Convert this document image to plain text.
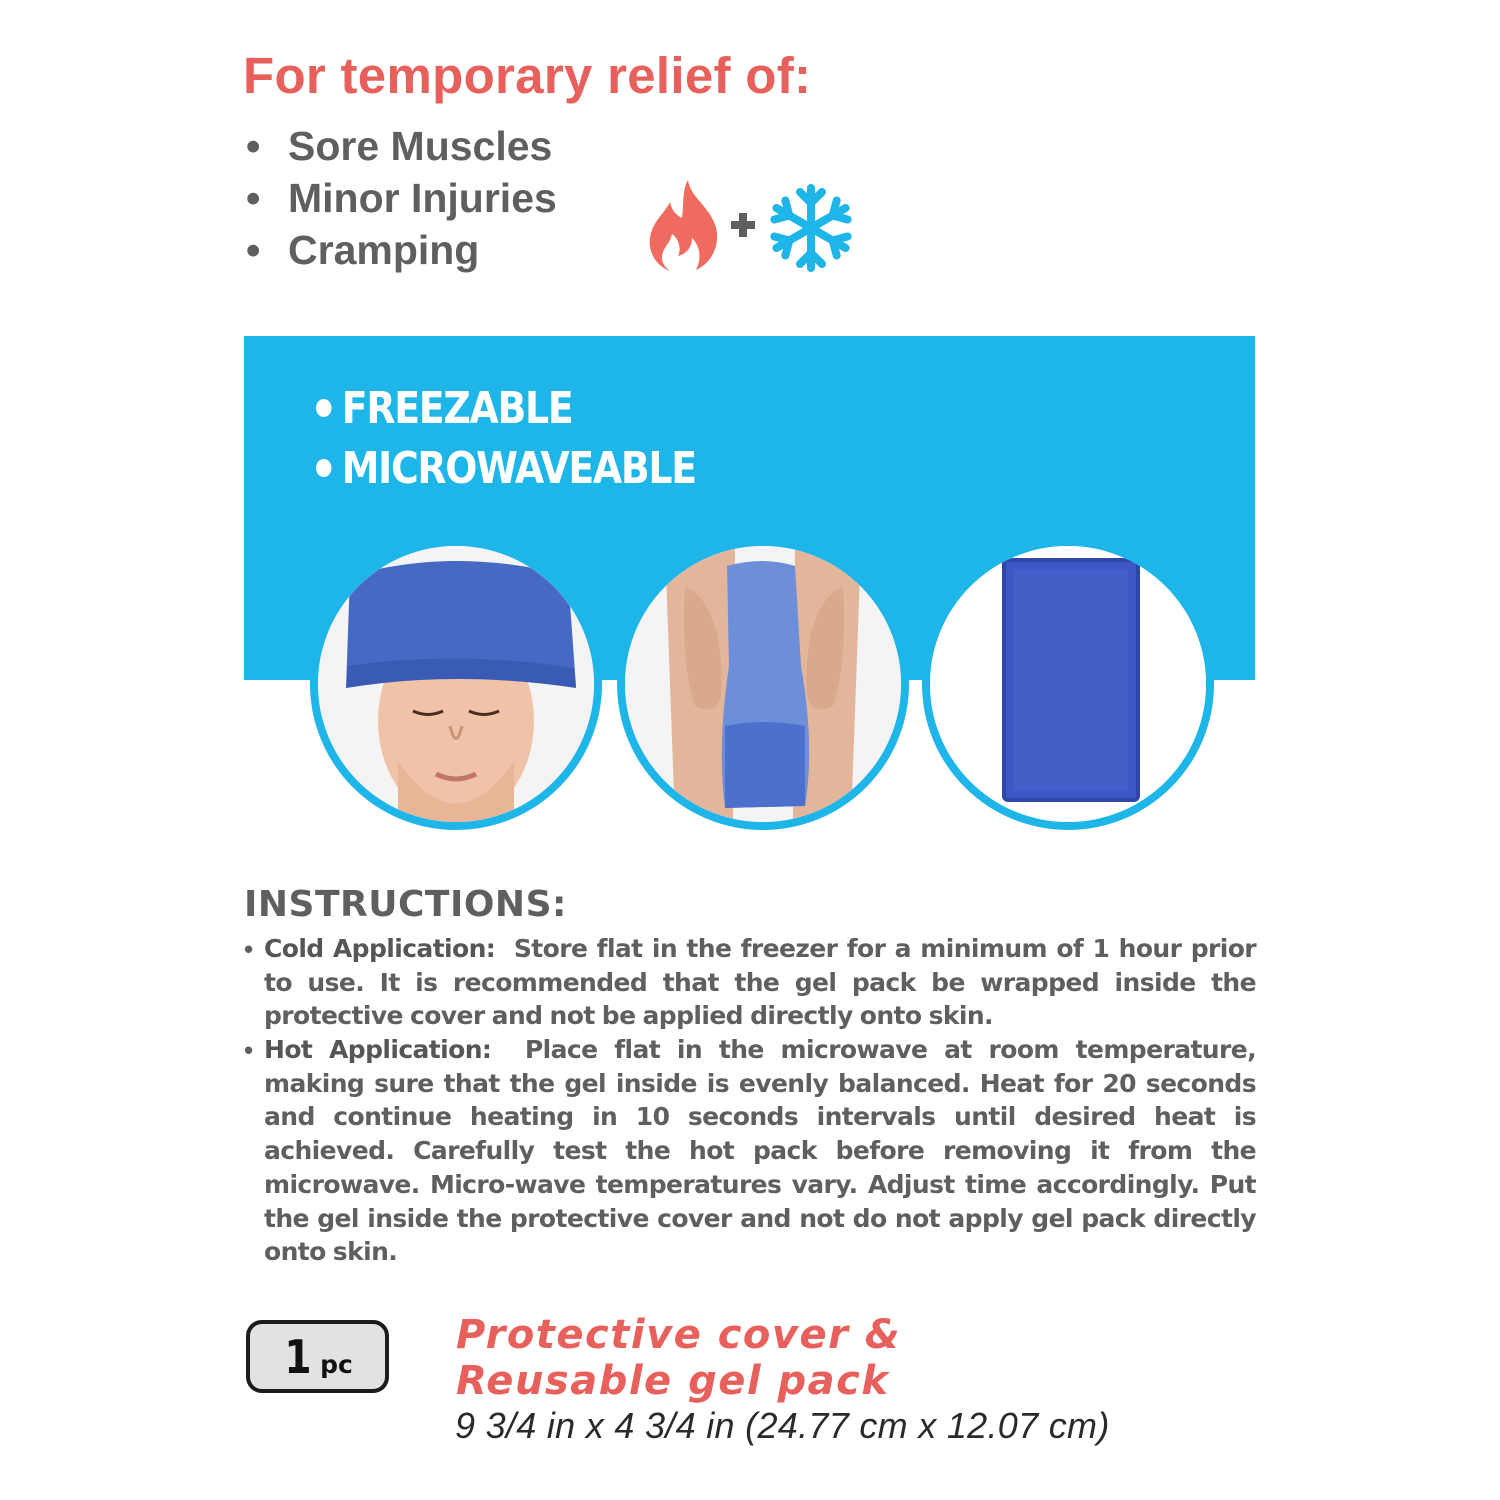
For temporary relief of:
• Sore Muscles
• Minor Injuries
• Cramping
FREEZABLE
MICROWAVEABLE
INSTRUCTIONS:
• Cold Application: Store flat in the freezer for a minimum of 1 hour prior to use. It is recommended that the gel pack be wrapped inside the protective cover and not be applied directly onto skin.
• Hot Application: Place flat in the microwave at room temperature, making sure that the gel inside is evenly balanced. Heat for 20 seconds and continue heating in 10 seconds intervals until desired heat is achieved. Carefully test the hot pack before removing it from the microwave. Micro-wave temperatures vary. Adjust time accordingly. Put the gel inside the protective cover and not do not apply gel pack directly onto skin.
1 pc
Protective cover &
Reusable gel pack
9 3/4 in x 4 3/4 in (24.77 cm x 12.07 cm)
